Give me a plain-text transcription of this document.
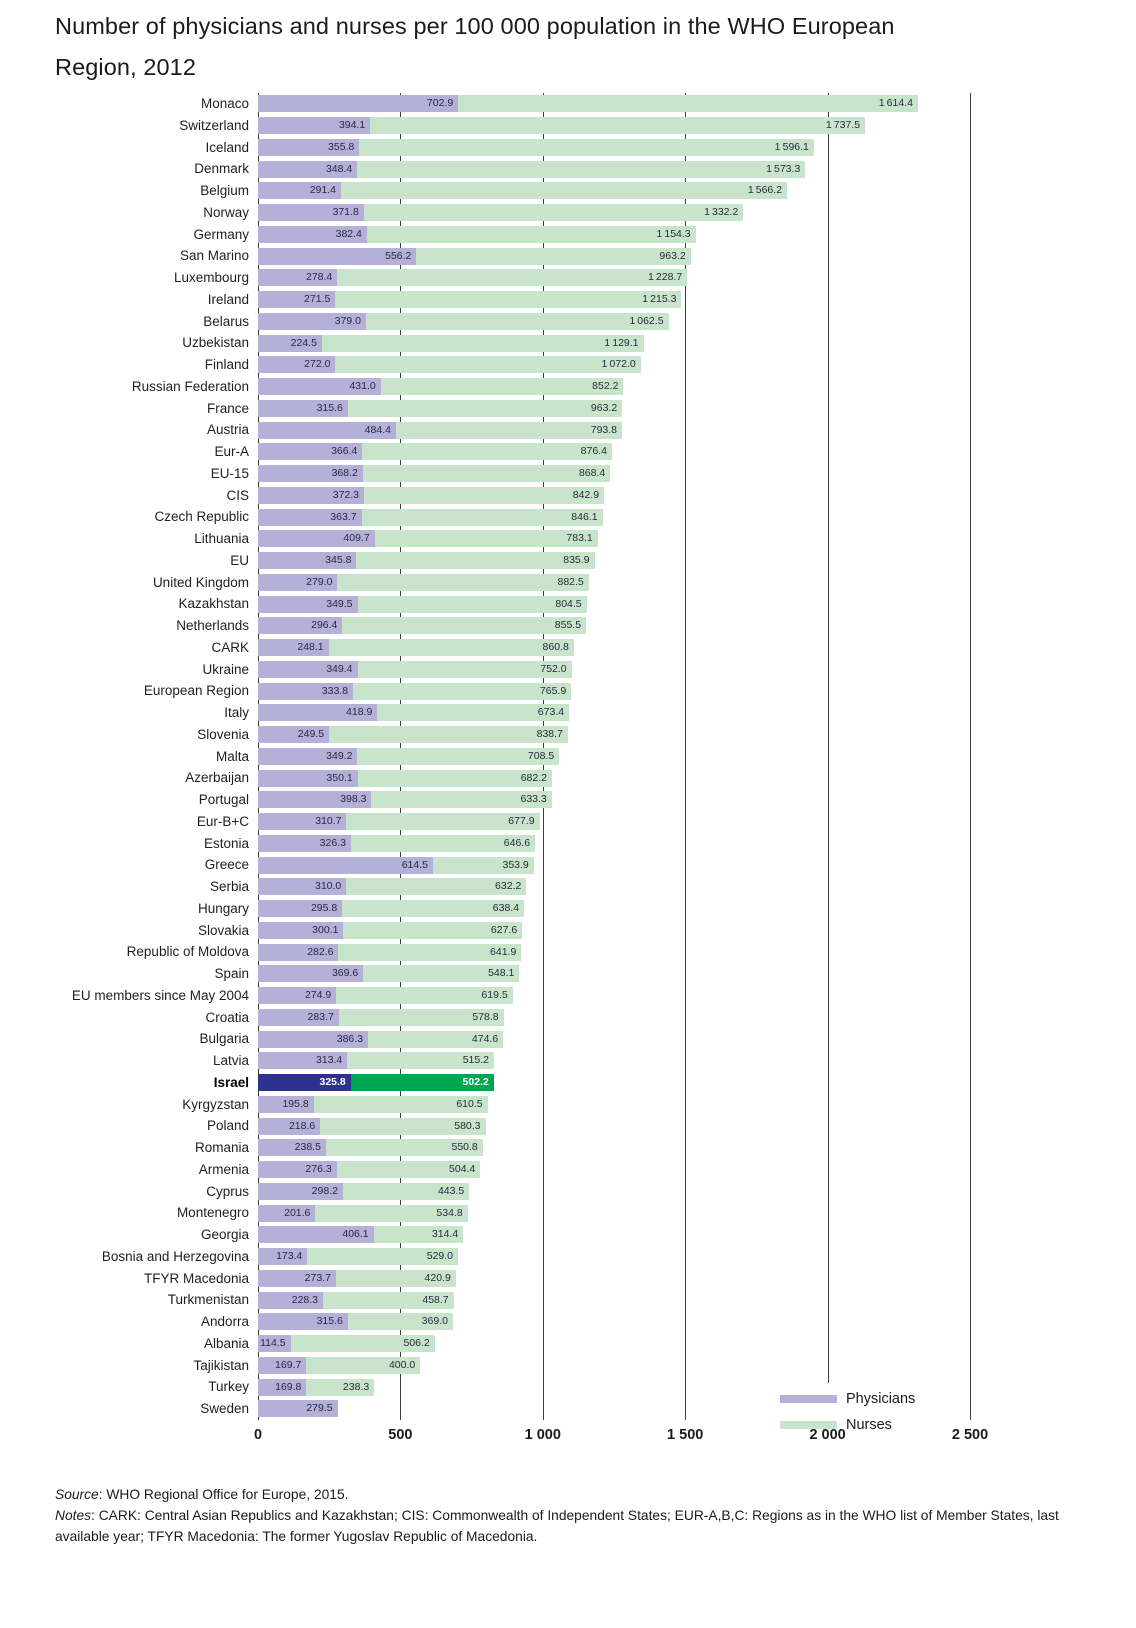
Number of physicians and nurses per 100 000 population in the WHO European
Region, 2012
Monaco	702.9	1 614.4
Switzerland	394.1	1 737.5
Iceland	355.8	1 596.1
Denmark	348.4	1 573.3
Belgium	291.4	1 566.2
Norway	371.8	1 332.2
Germany	382.4	1 154.3
San Marino	556.2	963.2
Luxembourg	278.4	1 228.7
Ireland	271.5	1 215.3
Belarus	379.0	1 062.5
Uzbekistan	224.5	1 129.1
Finland	272.0	1 072.0
Russian Federation	431.0	852.2
France	315.6	963.2
Austria	484.4	793.8
Eur-A	366.4	876.4
EU-15	368.2	868.4
CIS	372.3	842.9
Czech Republic	363.7	846.1
Lithuania	409.7	783.1
EU	345.8	835.9
United Kingdom	279.0	882.5
Kazakhstan	349.5	804.5
Netherlands	296.4	855.5
CARK	248.1	860.8
Ukraine	349.4	752.0
European Region	333.8	765.9
Italy	418.9	673.4
Slovenia	249.5	838.7
Malta	349.2	708.5
Azerbaijan	350.1	682.2
Portugal	398.3	633.3
Eur-B+C	310.7	677.9
Estonia	326.3	646.6
Greece	614.5	353.9
Serbia	310.0	632.2
Hungary	295.8	638.4
Slovakia	300.1	627.6
Republic of Moldova	282.6	641.9
Spain	369.6	548.1
EU members since May 2004	274.9	619.5
Croatia	283.7	578.8
Bulgaria	386.3	474.6
Latvia	313.4	515.2
Israel	325.8	502.2
Kyrgyzstan	195.8	610.5
Poland	218.6	580.3
Romania	238.5	550.8
Armenia	276.3	504.4
Cyprus	298.2	443.5
Montenegro	201.6	534.8
Georgia	406.1	314.4
Bosnia and Herzegovina	173.4	529.0
TFYR Macedonia	273.7	420.9
Turkmenistan	228.3	458.7
Andorra	315.6	369.0
Albania 114.5	506.2
Tajikistan	169.7	400.0
Turkey	169.8	238.3
Sweden	279.5
Physicians
Nurses
0	500	1 000	1 500	2 000	2 500

Source: WHO Regional Office for Europe, 2015.

Notes: CARK: Central Asian Republics and Kazakhstan; CIS: Commonwealth of Independent States; EUR-A,B,C: Regions as in the WHO list of Member States, last available year; TFYR Macedonia: The former Yugoslav Republic of Macedonia.
